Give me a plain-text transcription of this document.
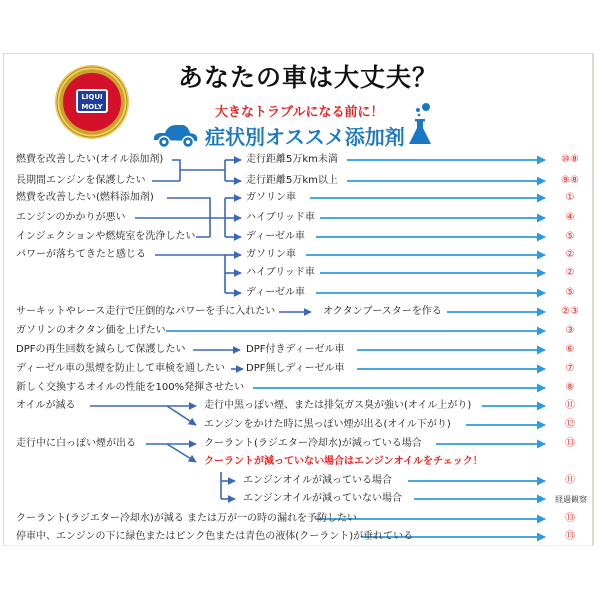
LIQUI
MOLY
あなたの車は大丈夫？
大きなトラブルになる前に！
症状別オススメ添加剤
燃費を改善したい(オイル添加剤)
長期間エンジンを保護したい
燃費を改善したい(燃料添加剤)
エンジンのかかりが悪い
インジェクションや燃焼室を洗浄したい
パワーが落ちてきたと感じる
サーキットやレース走行で圧倒的なパワーを手に入れたい
ガソリンのオクタン価を上げたい
DPFの再生回数を減らして保護したい
ディーゼル車の黒煙を防止して車検を通したい
新しく交換するオイルの性能を100%発揮させたい
オイルが減る
走行中に白っぽい煙が出る
クーラント(ラジエター冷却水)が減る または万が一の時の漏れを予防したい
停車中、エンジンの下に緑色またはピンク色または青色の液体(クーラント)が垂れている
走行距離5万km未満
走行距離5万km以上
ガソリン車
ハイブリッド車
ディーゼル車
ガソリン車
ハイブリッド車
ディーゼル車
オクタンブースターを作る
DPF付きディーゼル車
DPF無しディーゼル車
走行中黒っぽい煙、または排気ガス臭が強い(オイル上がり)
エンジンをかけた時に黒っぽい煙が出る(オイル下がり)
クーラント(ラジエター冷却水)が減っている場合
クーラントが減っていない場合はエンジンオイルをチェック！
エンジンオイルが減っている場合
エンジンオイルが減っていない場合
⑩⑧
⑨⑧
①
④
⑤
②
②
⑤
②③
③
⑥
⑦
⑧
⑪
⑫
⑬
⑪
経過観察
⑬
⑬
